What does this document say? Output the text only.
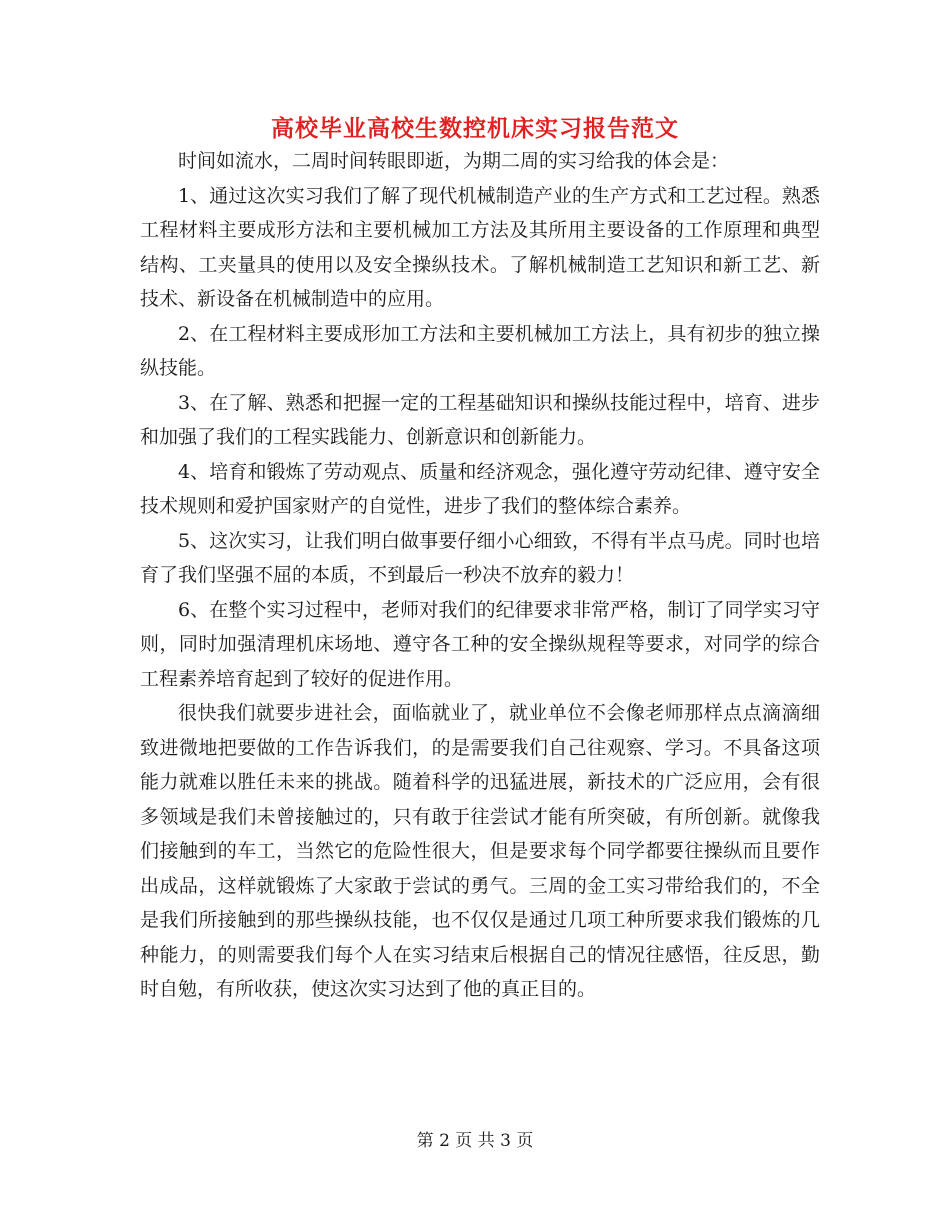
高校毕业高校生数控机床实习报告范文

时间如流水，二周时间转眼即逝，为期二周的实习给我的体会是：

1、通过这次实习我们了解了现代机械制造产业的生产方式和工艺过程。熟悉工程材料主要成形方法和主要机械加工方法及其所用主要设备的工作原理和典型结构、工夹量具的使用以及安全操纵技术。了解机械制造工艺知识和新工艺、新技术、新设备在机械制造中的应用。

2、在工程材料主要成形加工方法和主要机械加工方法上，具有初步的独立操纵技能。

3、在了解、熟悉和把握一定的工程基础知识和操纵技能过程中，培育、进步和加强了我们的工程实践能力、创新意识和创新能力。

4、培育和锻炼了劳动观点、质量和经济观念，强化遵守劳动纪律、遵守安全技术规则和爱护国家财产的自觉性，进步了我们的整体综合素养。

5、这次实习，让我们明白做事要仔细小心细致，不得有半点马虎。同时也培育了我们坚强不屈的本质，不到最后一秒决不放弃的毅力！

6、在整个实习过程中，老师对我们的纪律要求非常严格，制订了同学实习守则，同时加强清理机床场地、遵守各工种的安全操纵规程等要求，对同学的综合工程素养培育起到了较好的促进作用。

很快我们就要步进社会，面临就业了，就业单位不会像老师那样点点滴滴细致进微地把要做的工作告诉我们，的是需要我们自己往观察、学习。不具备这项能力就难以胜任未来的挑战。随着科学的迅猛进展，新技术的广泛应用，会有很多领域是我们未曾接触过的，只有敢于往尝试才能有所突破，有所创新。就像我们接触到的车工，当然它的危险性很大，但是要求每个同学都要往操纵而且要作出成品，这样就锻炼了大家敢于尝试的勇气。三周的金工实习带给我们的，不全是我们所接触到的那些操纵技能，也不仅仅是通过几项工种所要求我们锻炼的几种能力，的则需要我们每个人在实习结束后根据自己的情况往感悟，往反思，勤时自勉，有所收获，使这次实习达到了他的真正目的。

第 2 页 共 3 页
